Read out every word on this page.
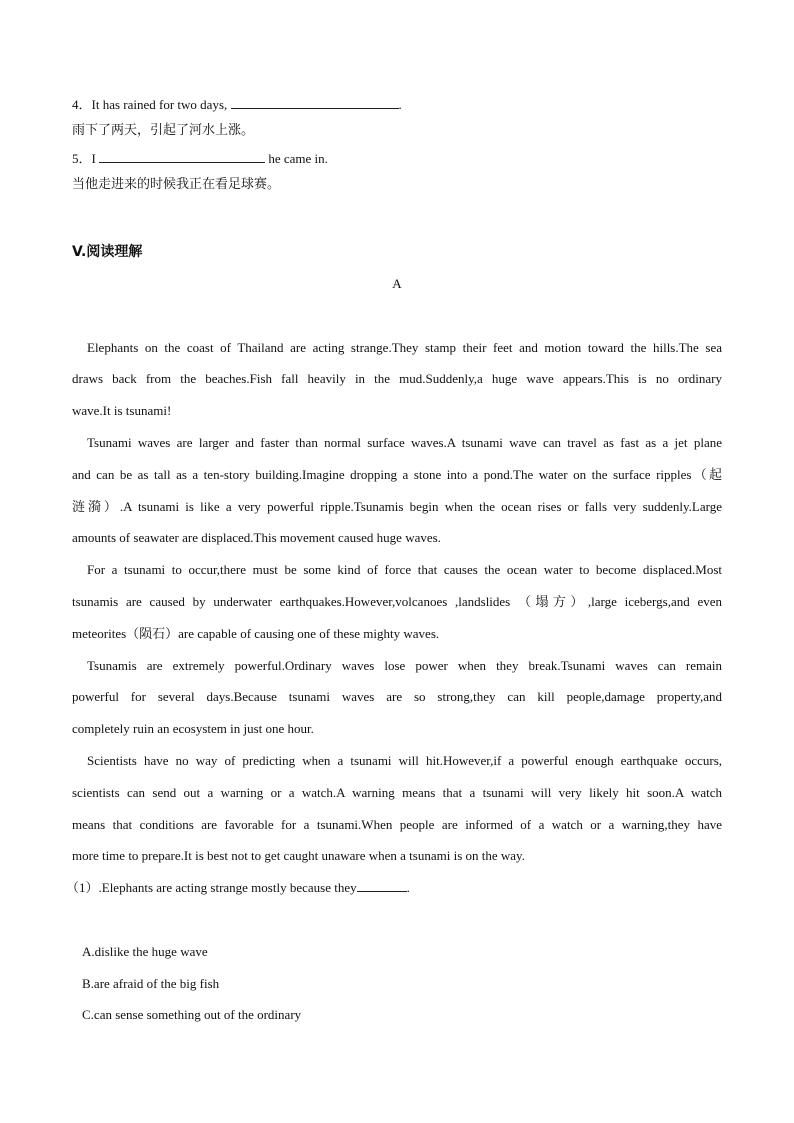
4．It has rained for two days,	.
雨下了两天，引起了河水上涨。
5．I	he came in.
当他走进来的时候我正在看足球赛。
V.阅读理解
A
Elephants on the coast of Thailand are acting strange.They stamp their feet and motion toward the hills.The sea
draws back from the beaches.Fish fall heavily in the mud.Suddenly,a huge wave appears.This is no ordinary
wave.It is tsunami!
Tsunami waves are larger and faster than normal surface waves.A tsunami wave can travel as fast as a jet plane
and can be as tall as a ten-story building.Imagine dropping a stone into a pond.The water on the surface ripples（起
涟漪）.A tsunami is like a very powerful ripple.Tsunamis begin when the ocean rises or falls very suddenly.Large
amounts of seawater are displaced.This movement caused huge waves.
For a tsunami to occur,there must be some kind of force that causes the ocean water to become displaced.Most
tsunamis are caused by underwater earthquakes.However,volcanoes ,landslides （塌方）,large icebergs,and even
meteorites（陨石）are capable of causing one of these mighty waves.
Tsunamis are extremely powerful.Ordinary waves lose power when they break.Tsunami waves can remain
powerful for several days.Because tsunami waves are so strong,they can kill people,damage property,and
completely ruin an ecosystem in just one hour.
Scientists have no way of predicting when a tsunami will hit.However,if a powerful enough earthquake occurs,
scientists can send out a warning or a watch.A warning means that a tsunami will very likely hit soon.A watch
means that conditions are favorable for a tsunami.When people are informed of a watch or a warning,they have
more time to prepare.It is best not to get caught unaware when a tsunami is on the way.
（1）.Elephants are acting strange mostly because they	.
A.dislike the huge wave
B.are afraid of the big fish
C.can sense something out of the ordinary
